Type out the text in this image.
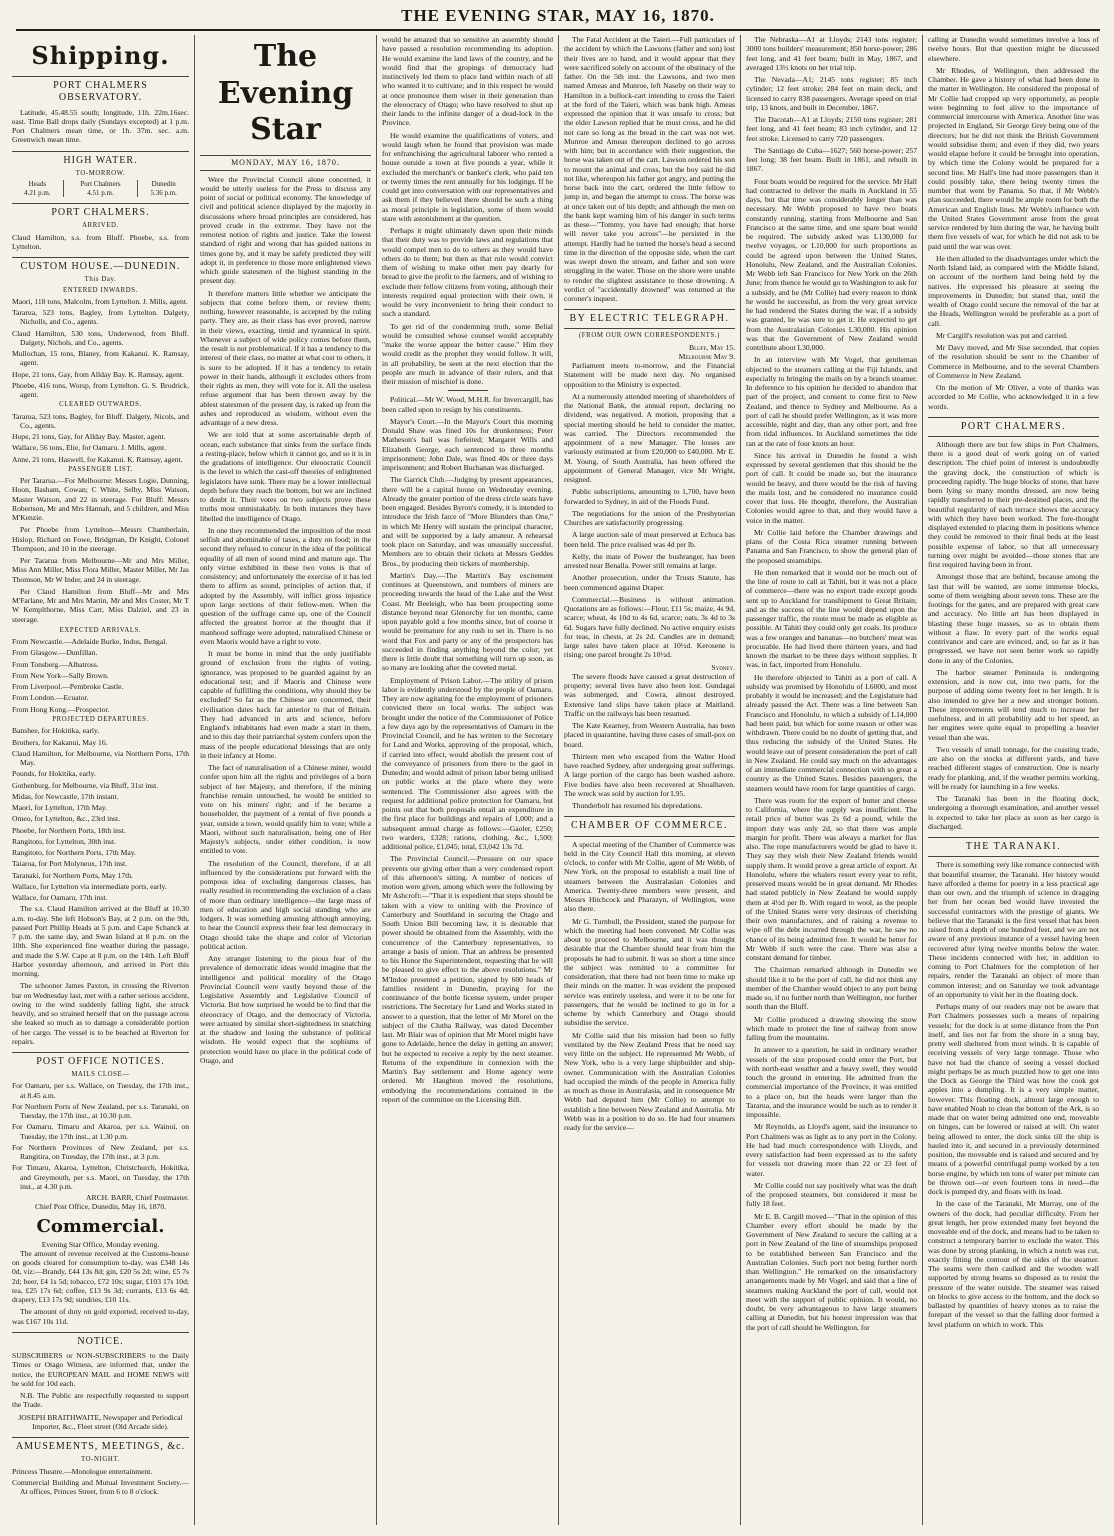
THE EVENING STAR, MAY 16, 1870.
Shipping.
PORT CHALMERS OBSERVATORY.

Latitude, 45.48.55 south; longitude, 11h. 22m.16sec. east. Time Ball drops daily (Sundays excepted) at 1 p.m. Port Chalmers mean time, or 1h. 37m. sec. a.m. Greenwich mean time.

HIGH WATER.
TO-MORROW.
Heads	Port Chalmers	Dunedin
4.21 p.m.	4.51 p.m.	5.36 p.m.
PORT CHALMERS.
ARRIVED.

Claud Hamilton, s.s. from Bluff. Phoebe, s.s. from Lyttelton.

CUSTOM HOUSE.—DUNEDIN.
This Day.
ENTERED INWARDS.
Maori, 118 tons, Malcolm, from Lyttelton. J. Mills, agent.
Tararua, 523 tons, Bagley, from Lyttelton. Dalgety, Nicholls, and Co., agents.
Claud Hamilton, 530 tons, Underwood, from Bluff. Dalgety, Nichols, and Co., agents.
Mullochan, 15 tons, Blaney, from Kakanui. K. Ramsay, agent.
Hope, 21 tons, Gay, from Allday Bay. K. Ramsay, agent.
Phoebe, 416 tons, Worsp, from Lyttelton. G. S. Brodrick, agent.
CLEARED OUTWARDS.
Tararua, 523 tons, Bagley, for Bluff. Dalgety, Nicols, and Co., agents.
Hope, 21 tons, Gay, for Allday Bay. Master, agent.
Wallace, 56 tons, Elie, for Oamaru. J. Mills, agent.
Anne, 21 tons, Haswell, for Kakanui. K. Ramsay, agent.
PASSENGER LIST.

Per Tararua.—For Melbourne: Messrs Logie, Dunning, Hoon, Basham, Cowan; C White, Selby, Miss Watson, Master Watson, and 22 in steerage. For Bluff: Messrs Robertson, Mr and Mrs Hannah, and 5 children, and Miss M'Kenzie.

Per Phoebe from Lyttelton—Messrs Chamberlain, Hislop, Richard on Fowe, Bridgman, Dr Knight, Colonel Thompson, and 10 in the steerage.

Per Tararua from Melbourne—Mr and Mrs Miller, Miss Ann Miller, Miss Flora Miller, Master Miller, Mr Jas Thomson, Mr W Inder, and 24 in steerage.

Per Claud Hamilton from Bluff—Mr and Mrs M'Farlane, Mr and Mrs Martin, Mr and Mrs Coster, Mr T W Kemplthorne, Miss Carr, Miss Dalziel, and 23 in steerage.

EXPECTED ARRIVALS.
From Newcastle.—Adelaide Burke, Indus, Bengal.
From Glasgow.—Dunfillan.
From Tonsberg.—Albatross.
From New York—Sally Brown.
From Liverpool.—Pembroke Castle.
From London.—Ecuator.
From Hong Kong.—Prospector.
PROJECTED DEPARTURES.
Banshee, for Hokitika, early.
Brothers, for Kakanui, May 16.
Claud Hamilton, for Melbourne, via Northern Ports, 17th May.
Pounds, for Hokitika, early.
Gothenburg, for Melbourne, via Bluff, 31st inst.
Midas, for Newcastle, 17th instant.
Maori, for Lyttelton, 17th May.
Omeo, for Lyttelton, &c., 23rd inst.
Phoebe, for Northern Ports, 18th inst.
Rangitoto, for Lyttelton, 30th inst.
Rangitoto, for Northern Ports, 17th May.
Taiaroa, for Port Molyneux, 17th inst.
Taranaki, for Northern Ports, May 17th.
Wallace, for Lyttelton via intermediate ports, early.
Wallace, for Oamaru, 17th inst.

The s.s. Claud Hamilton arrived at the Bluff at 10.30 a.m. to-day. She left Hobson's Bay, at 2 p.m. on the 9th, passed Port Phillip Heads at 5 p.m. and Cape Schanck at 7 p.m. the same day, and Swan Island at 8 p.m. on the 10th. She experienced fine weather during the passage, and made the S.W. Cape at 8 p.m. on the 14th. Left Bluff Harbor yesterday afternoon, and arrived in Port this morning.

The schooner James Paxton, in crossing the Riverton bar on Wednesday last, met with a rather serious accident, owing to the wind suddenly falling light, she struck heavily, and so strained herself that on the passage across she leaked so much as to damage a considerable portion of her cargo. The vessel is to be beached at Riverton for repairs.

POST OFFICE NOTICES.
MAILS CLOSE—
For Oamaru, per s.s. Wallace, on Tuesday, the 17th inst., at 8.45 a.m.
For Northern Ports of New Zealand, per s.s. Taranaki, on Tuesday, the 17th inst., at 10.30 p.m.
For Oamaru, Timaru and Akaroa, per s.s. Wainui, on Tuesday, the 17th inst., at 1.30 p.m.
For Northern Provinces of New Zealand, per s.s. Rangitira, on Tuesday, the 17th inst., at 3 p.m.
For Timaru, Akaroa, Lyttelton, Christchurch, Hokitika, and Greymouth, per s.s. Maori, on Tuesday, the 17th inst., at 4.30 p.m.
ARCH. BARR, Chief Postmaster.
Chief Post Office, Dunedin, May 16, 1870.
Commercial.
Evening Star Office, Monday evening.

The amount of revenue received at the Customs-house on goods cleared for consumption to-day, was £348 14s 0d, viz:—Brandy, £44 13s 8d; gin, £20 5s 2d; wine, £5 7s 2d; beer, £4 1s 5d; tobacco, £72 10s; sugar, £103 17s 10d; tea, £25 17s 6d; coffee, £13 9s 3d; currants, £13 6s 4d; drapery, £13 17s 9d; sundries, £10 11s.

The amount of duty on gold exported, received to-day, was £167 10s 11d.

NOTICE.

SUBSCRIBERS or NON-SUBSCRIBERS to the Daily Times or Otago Witness, are informed that, under the notice, the EUROPEAN MAIL and HOME NEWS will be sold for 10d each.

N.B. The Public are respectfully requested to support the Trade.

JOSEPH BRAITHWAITE, Newspaper and Periodical Importer, &c., Fleet street (Old Arcade side).
AMUSEMENTS, MEETINGS, &c.
TO-NIGHT.
Princess Theatre.—Monologue entertainment.
Commercial Building and Mutual Investment Society.—At offices, Princes Street, from 6 to 8 o'clock.
The Evening Star
MONDAY, MAY 16, 1870.

Were the Provincial Council alone concerned, it would be utterly useless for the Press to discuss any point of social or political economy. The knowledge of civil and political science displayed by the majority in discussions where broad principles are considered, has proved crude in the extreme. They have not the remotest notion of rights and justice. Take the lowest standard of right and wrong that has guided nations in times gone by, and it may be safely predicted they will adopt it, in preference to those more enlightened views which guide statesmen of the highest standing in the present day.

It therefore matters little whether we anticipate the subjects that come before them, or review them; nothing, however reasonable, is accepted by the ruling party. They are, as their class has ever proved, narrow in their views, exacting, timid and tyrannical in spirit. Whenever a subject of wide policy comes before them, the result is not problematical. If it has a tendency to the interest of their class, no matter at what cost to others, it is sure to be adopted. If it has a tendency to retain power in their hands, although it excludes others from their rights as men, they will vote for it. All the useless refuse argument that has been thrown away by the ablest statesmen of the present day, is raked up from the ashes and reproduced as wisdom, without even the advantage of a new dress.

We are told that at some ascertainable depth of ocean, each substance that sinks from the surface finds a resting-place, below which it cannot go, and so it is in the gradations of intelligence. Our eleoocratic Council is the level to which the cast-off theories of enlightened legislators have sunk. There may be a lower intellectual depth before they reach the bottom, but we are inclined to doubt it. Their votes on two subjects prove these truths most unmistakably. In both instances they have libelled the intelligence of Otago.

In one they recommended the imposition of the most selfish and abominable of taxes, a duty on food; in the second they refused to concur in the idea of the political equality of all men of sound mind and mature age. The only virtue exhibited in these two votes is that of consistency; and unfortunately the exercise of it has led them to affirm as sound, principles of action that, if adopted by the Assembly, will inflict gross injustice upon large sections of their fellow-men. When the question of the suffrage came up, one of the Council affected the greatest horror at the thought that if manhood suffrage were adopted, naturalised Chinese or even Maoris would have a right to vote.

It must be borne in mind that the only justifiable ground of exclusion from the rights of voting, ignorance, was proposed to be guarded against by an educational test; and if Maoris and Chinese were capable of fulfilling the conditions, why should they be excluded? So far as the Chinese are concerned, their civilisation dates back far anterior to that of Britain. They had advanced in arts and science, before England's inhabitants had even made a start in them, and to this day their patriarchal system confers upon the mass of the people educational blessings that are only in their infancy at Home.

The fact of naturalisation of a Chinese miner, would confer upon him all the rights and privileges of a born subject of her Majesty, and therefore, if the mining franchise remain untouched, he would be entitled to vote on his miners' right; and if he became a householder, the payment of a rental of five pounds a year, outside a town, would qualify him to vote; while a Maori, without such naturalisation, being one of Her Majesty's subjects, under either condition, is now entitled to vote.

The resolution of the Council, therefore, if at all influenced by the considerations put forward with the pompous idea of excluding dangerous classes, has really resulted in recommending the exclusion of a class of more than ordinary intelligence—the large mass of men of education and high social standing who are lodgers. It was something amusing although annoying, to hear the Council express their fear lest democracy in Otago should take the shape and color of Victorian political action.

Any stranger listening to the pious fear of the prevalence of democratic ideas would imagine that the intelligence and political morality of the Otago Provincial Council were vastly beyond those of the Legislative Assembly and Legislative Council of Victoria. But how surprised he would be to find that the eleoocracy of Otago, and the democracy of Victoria, were actuated by similar short-sightedness in snatching at the shadow and losing the substance of political wisdom. He would expect that the sophisms of protection would have no place in the political code of Otago, and

would be amazed that so sensitive an assembly should have passed a resolution recommending its adoption. He would examine the land laws of the country, and he would find that the gropings of democracy had instinctively led them to place land within reach of all who wanted it to cultivate; and in this respect he would at once pronounce them wiser in their generation than the eleoocracy of Otago; who have resolved to shut up their lands to the infinite danger of a dead-lock in the Province.

He would examine the qualifications of voters, and would laugh when he found that provision was made for enfranchising the agricultural laborer who rented a house outside a town at five pounds a year, while it excluded the merchant's or banker's clerk, who paid ten or twenty times the rent annually for his lodgings. If he could get into conversation with our representatives and ask them if they believed there should be such a thing as moral principle in legislation, some of them would stare with astonishment at the question.

Perhaps it might ultimately dawn upon their minds that their duty was to provide laws and regulations that would compel men to do to others as they would have others do to them; but then as that rule would convict them of wishing to make other men pay dearly for bread to give the profit to the farmers, and of wishing to exclude their fellow citizens from voting, although their interests required equal protection with their own, it would be very inconvenient to bring their conduct to such a standard.

To get rid of the condemning truth, some Belial would be consulted whose counsel would acceptably "make the worse appear the better cause." Him they would credit as the prophet they would follow. It will, in all probability, be seen at the next election that the people are much in advance of their rulers, and that their mission of mischief is done.

Political.—Mr W. Wood, M.H.R. for Invercargill, has been called upon to resign by his constituents.

Mayor's Court.—In the Mayor's Court this morning Donald Shaw was fined 10s for drunkenness; Peter Matheson's bail was forfeited; Margaret Wills and Elizabeth George, each sentenced to three months imprisonment; John Dale, was fined 40s or three days imprisonment; and Robert Buchanan was discharged.

The Garrick Club.—Judging by present appearances, there will be a capital house on Wednesday evening. Already the greater portion of the dress circle seats have been engaged. Besides Byron's comedy, it is intended to introduce the Irish farce of "More Blunders than One," in which Mr Henry will sustain the principal character, and will be supported by a lady amateur. A rehearsal took place on Saturday, and was unusually successful. Members are to obtain their tickets at Messrs Geddes Bros., by producing their tickets of membership.

Martin's Day.—The Martin's Bay excitement continues at Queenstown, and numbers of miners are proceeding towards the head of the Lake and the West Coast. Mr Beeleigh, who has been prospecting some distance beyond near Glenorchy for ten months, came upon payable gold a few months since, but of course it would be premature for any rush to set in. There is no word that Fox and party or any of the prospectors has succeeded in finding anything beyond the color; yet there is little doubt that something will turn up soon, as so many are looking after the coveted metal.

Employment of Prison Labor.—The utility of prison labor is evidently understood by the people of Oamaru. They are now agitating for the employment of prisoners convicted there on local works. The subject was brought under the notice of the Commissioner of Police a few days ago by the representatives of Oamaru in the Provincial Council, and he has written to the Secretary for Land and Works, approving of the proposal, which, if carried into effect, would abolish the present cost of the conveyance of prisoners from there to the gaol in Dunedin; and would admit of prison labor being utilised on public works at the place where they were sentenced. The Commissioner also agrees with the request for additional police protection for Oamaru, but points out that both proposals entail an expenditure in the first place for buildings and repairs of 1,000; and a subsequent annual charge as follows:—Gaoler, £250; two warders, £328; rations, clothing, &c., 1,500; additional police, £1,045; total, £3,042 13s 7d.

The Provincial Council.—Pressure on our space prevents our giving other than a very condensed report of this afternoon's sitting. A number of notices of motion were given, among which were the following by Mr Ashcroft:—"That it is expedient that steps should be taken with a view to uniting with the Province of Canterbury and Southland in securing the Otago and South Union Bill becoming law, it is desirable that power should be obtained from the Assembly, with the concurrence of the Canterbury representatives, to arrange a basis of union. That an address be presented to his Honor the Superintendent, requesting that he will be pleased to give effect to the above resolutions." Mr M'Indoe presented a petition, signed by 600 heads of families resident in Dunedin, praying for the continuance of the bottle license system, under proper restrictions. The Secretary for Land and Works stated in answer to a question, that the letter of Mr Morel on the subject of the Clutha Railway, was dated December last. Mr Blair was of opinion that Mr Morel might have gone to Adelaide, hence the delay in getting an answer; but he expected to receive a reply by the next steamer. Returns of the expenditure in connexion with the Martin's Bay settlement and Home agency were ordered. Mr Haughton moved the resolutions, embodying the recommendations contained in the report of the committee on the Licensing Bill.

The Fatal Accident at the Taieri.—Full particulars of the accident by which the Lawsons (father and son) lost their lives are to hand, and it would appear that they were sacrificed solely on account of the obstinacy of the father. On the 5th inst. the Lawsons, and two men named Ameas and Munroe, left Naseby on their way to Hamilton in a bullock-cart intending to cross the Taieri at the ford of the Taieri, which was bank high. Ameas expressed the opinion that it was unsafe to cross; but the elder Lawson replied that he must cross, and he did not care so long as the bread in the cart was not wet. Munroe and Ameas thereupon declined to go across with him; but in accordance with their suggestion, the horse was taken out of the cart. Lawson ordered his son to mount the animal and cross, but the boy said he did not like, whereupon his father got angry, and putting the horse back into the cart, ordered the little fellow to jump in, and began the attempt to cross. The horse was at once taken out of his depth; and although the men on the bank kept warning him of his danger in such terms as these—"Tommy, you have had enough; that horse will never take you across"—he persisted in the attempt. Hardly had he turned the horse's head a second time in the direction of the opposite side, when the cart was swept down the stream, and father and son were struggling in the water. Those on the shore were unable to render the slightest assistance to those drowning. A verdict of "accidentally drowned" was returned at the coroner's inquest.

BY ELECTRIC TELEGRAPH.
(FROM OUR OWN CORRESPONDENTS.)
Bluff, May 15.
Melbourne May 9.

Parliament meets to-morrow, and the Financial Statement will be made next day. No organised opposition to the Ministry is expected.

At a numerously attended meeting of shareholders of the National Bank, the annual report, declaring no dividend, was negatived. A motion, proposing that a special meeting should be held to consider the matter, was carried. The Directors recommended the appointment of a new Manager. The losses are variously estimated at from £20,000 to £40,000. Mr E. M. Young, of South Australia, has been offered the appointment of General Manager, vice Mr Wright, resigned.

Public subscriptions, amounting to 1,700, have been forwarded to Sydney, in aid of the Floods Fund.

The negotiations for the union of the Presbyterian Churches are satisfactorily progressing.

A large auction sale of meat preserved at Echuca has been held. The price realised was 4d per lb.

Kelly, the mate of Power the bushranger, has been arrested near Benalla. Power still remains at large.

Another prosecution, under the Trusts Statute, has been commenced against Draper.

Commercial.—Business is without animation. Quotations are as follows:—Flour, £11 5s; maize, 4s 9d, scarce; wheat, 4s 10d to 4s 6d, scarce; oats, 3s 4d to 3s 6d. Sugars have fully declined. No active enquiry exists for teas, in chests, at 2s 2d. Candles are in demand; large sales have taken place at 10½d. Kerosene is rising; one parcel brought 2s 10½d.

Sydney.

The severe floods have caused a great destruction of property; several lives have also been lost. Gundagai was submerged, and Cowra, almost destroyed. Extensive land slips have taken place at Maitland. Traffic on the railways has been resumed.

The Kate Kearney, from Western Australia, has been placed in quarantine, having three cases of small-pox on board.

Thirteen men who escaped from the Walter Hood have reached Sydney, after undergoing great sufferings. A large portion of the cargo has been washed ashore. Five bodies have also been recovered at Shoalhaven. The wreck was sold by auction for L95.

Thunderbolt has resumed his depredations.

CHAMBER OF COMMERCE.

A special meeting of the Chamber of Commerce was held in the City Council Hall this morning, at eleven o'clock, to confer with Mr Collie, agent of Mr Webb, of New York, on the proposal to establish a mail line of steamers between the Australasian Colonies and America. Twenty-three members were present, and Messrs Hitchcock and Pharazyn, of Wellington, were also there.

Mr G. Turnbull, the President, stated the purpose for which the meeting had been convened. Mr Collie was about to proceed to Melbourne, and it was thought desirable that the Chamber should hear from him the proposals he had to submit. It was so short a time since the subject was remitted to a committee for consideration, that there had not been time to make up their minds on the matter. It was evident the proposed service was entirely useless, and were it to be one for passengers, that he would be inclined to go in for a scheme by which Canterbury and Otago should subsidise the service.

Mr Collie said that his mission had been so fully ventilated by the New Zealand Press that he need say very little on the subject. He represented Mr Webb, of New York, who is a very large shipbuilder and ship-owner. Communication with the Australian Colonies had occupied the minds of the people in America fully as much as those in Australasia, and in consequence Mr Webb had deputed him (Mr Collie) to attempt to establish a line between New Zealand and Australia. Mr Webb was in a position to do so. He had four steamers ready for the service—

The Nebraska—A1 at Lloyds; 2143 tons register; 3000 tons builders' measurement; 850 horse-power; 286 feet long, and 41 feet beam; built in May, 1867, and averaged 13½ knots on her trial trip.

The Nevada—A1; 2145 tons register; 85 inch cylinder; 12 feet stroke; 284 feet on main deck, and licensed to carry 838 passengers. Average speed on trial trip, 13 knots, and built in December, 1867.

The Dacotah—A1 at Lloyds; 2150 tons register; 281 feet long, and 41 feet beam; 83 inch cylinder, and 12 feet stroke. Licensed to carry 720 passengers.

The Santiago de Cuba—1627; 560 horse-power; 257 feet long; 38 feet beam. Built in 1861, and rebuilt in 1867.

Four boats would be required for the service. Mr Hall had contracted to deliver the mails in Auckland in 55 days, but that time was considerably longer than was necessary. Mr Webb proposed to have two boats constantly running, starting from Melbourne and San Francisco at the same time, and one spare boat would be required. The subsidy asked was L130,000 for twelve voyages, or L10,000 for such proportions as could be agreed upon between the United States, Honolulu, New Zealand, and the Australian Colonies. Mr Webb left San Francisco for New York on the 26th June; from thence he would go to Washington to ask for a subsidy, and he (Mr Collie) had every reason to think he would be successful, as from the very great service he had rendered the States during the war, if a subsidy was granted, he was sure to get it. He expected to get from the Australasian Colonies L30,000. His opinion was that the Government of New Zealand would contribute about L30,000.

In an interview with Mr Vogel, that gentleman objected to the steamers calling at the Fiji Islands, and especially to bringing the mails on by a branch steamer. In deference to his opinion he decided to abandon that part of the project, and consent to come first to New Zealand, and thence to Sydney and Melbourne. As a port of call he should prefer Wellington, as it was more accessible, night and day, than any other port, and free from tidal influences. In Auckland sometimes the tide ran at the rate of four knots an hour.

Since his arrival in Dunedin he found a wish expressed by several gentlemen that this should be the port of call. It could be made so, but the insurance would be heavy, and there would be the risk of having the mails lost, and he considered no insurance could cover that loss. He thought, therefore, the Australian Colonies would agree to that, and they would have a voice in the matter.

Mr Collie laid before the Chamber drawings and plans of the Costa Rica steamer running between Panama and San Francisco, to show the general plan of the proposed steamships.

He then remarked that it would not be much out of the line of route to call at Tahiti, but it was not a place of commerce—there was no export trade except goods sent up to Auckland for transhipment to Great Britain; and as the success of the line would depend upon the passenger traffic, the route must be made as eligible as possible. At Tahiti they could only get coals. Its produce was a few oranges and bananas—no butchers' meat was procurable. He had lived there thirteen years, and had known the market to be three days without supplies. It was, in fact, imported from Honolulu.

He therefore objected to Tahiti as a port of call. A subsidy was promised by Honolulu of L6000, and most probably it would be increased; and the Legislature had already passed the Act. There was a line between San Francisco and Honolulu, to which a subsidy of L14,000 had been paid, but which for some reason or other was withdrawn. There could be no doubt of getting that, and thus reducing the subsidy of the United States. He would leave out of present consideration the port of call in New Zealand. He could say much on the advantages of an immediate commercial connection with so great a country as the United States. Besides passengers, the steamers would have room for large quantities of cargo.

There was room for the export of butter and cheese to California, where the supply was insufficient. The retail price of butter was 2s 6d a pound, while the import duty was only 2d, so that there was ample margin for profit. There was always a market for flax also. The rope manufacturers would be glad to have it. They say they wish their New Zealand friends would supply them. It would prove a great article of export. At Honolulu, where the whalers resort every year to refit, preserved meats would be in great demand. Mr Rhodes had stated publicly in New Zealand he would supply them at 4½d per lb. With regard to wool, as the people of the United States were very desirous of cherishing their own manufactures, and of raising a revenue to wipe off the debt incurred through the war, he saw no chance of its being admitted free. It would be better for Mr Webb if such were the case. There was also a constant demand for timber.

The Chairman remarked although in Dunedin we should like it to be the port of call, he did not think any member of the Chamber would object to any port being made so, if no further north than Wellington, nor further south than the Bluff.

Mr Collie produced a drawing showing the snow which made to protect the line of railway from snow falling from the mountains.

In answer to a question, he said in ordinary weather vessels of the size proposed could enter the Port, but with north-east weather and a heavy swell, they would touch the ground in entering. He admitted from the commercial importance of the Province, it was entitled to a place on, but the heads were larger than the Tararua, and the insurance would be such as to render it impossible.

Mr Reynolds, as Lloyd's agent, said the insurance to Port Chalmers was as light as to any port in the Colony. He had had much correspondence with Lloyds, and every satisfaction had been expressed as to the safety for vessels not drawing more than 22 or 23 feet of water.

Mr Collie could not say positively what was the draft of the proposed steamers, but considered it must be fully 18 feet.

Mr E. B. Cargill moved—"That in the opinion of this Chamber every effort should be made by the Government of New Zealand to secure the calling at a port in New Zealand of the line of steamships proposed to be established between San Francisco and the Australian Colonies. Such port not being further north than Wellington." He remarked on the unsatisfactory arrangements made by Mr Vogel, and said that a line of steamers making Auckland the port of call, would not meet with the support of public opinion. It would, no doubt, be very advantageous to have large steamers calling at Dunedin, but his honest impression was that the port of call should be Wellington, for

calling at Dunedin would sometimes involve a loss of twelve hours. But that question might be discussed elsewhere.

Mr Rhodes, of Wellington, then addressed the Chamber. He gave a history of what had been done in the matter in Wellington. He considered the proposal of Mr Collie had cropped up very opportunely, as people were beginning to feel alive to the importance of commercial intercourse with America. Another line was projected in England, Sir George Grey being one of the directors; but he did not think the British Government would subsidise them; and even if they did, two years would elapse before it could be brought into operation, by which time the Colony would be prepared for a second line. Mr Hall's line had more passengers than it could possibly take, there being twenty times the number that went by Panama. So that, if Mr Webb's plan succeeded, there would be ample room for both the American and English lines. Mr Webb's influence with the United States Government arose from the great service rendered by him during the war, he having built them five vessels of war, for which he did not ask to be paid until the war was over.

He then alluded to the disadvantages under which the North Island laid, as compared with the Middle Island, on account of the northern land being held by the natives. He expressed his pleasure at seeing the improvements in Dunedin; but stated that, until the wealth of Otago could secure the removal of the bar at the Heads, Wellington would be preferable as a port of call.

Mr Cargill's resolution was put and carried.

Mr Davy moved, and Mr Sise seconded, that copies of the resolution should be sent to the Chamber of Commerce in Melbourne, and to the several Chambers of Commerce in New Zealand.

On the motion of Mr Oliver, a vote of thanks was accorded to Mr Collie, who acknowledged it in a few words.

PORT CHALMERS.

Although there are but few ships in Port Chalmers, there is a good deal of work going on of varied description. The chief point of interest is undoubtedly the graving dock, the construction of which is proceeding rapidly. The huge blocks of stone, that have been lying so many months dressed, are now being rapidly transferred to their pre-destined places, and the beautiful regularity of each terrace shows the accuracy with which they have been worked. The fore-thought displayed extended to placing them in positions whence they could be removed to their final beds at the least possible expense of labor, so that all unnecessary turning over might be avoided—those stones that are first required having been in front.

Amongst those that are behind, because among the last that will be wanted, are some immense blocks, some of them weighing about seven tons. These are the footings for the gates, and are prepared with great care and accuracy. No little art has been displayed in blasting these huge masses, so as to obtain them without a flaw. In every part of the works equal contrivance and care are evinced, and, so far as it has progressed, we have not seen better work so rapidly done in any of the Colonies.

The harbor steamer Peninsula is undergoing extension, and is now cut, into two parts, for the purpose of adding some twenty feet to her length. It is also intended to give her a new and stronger bottom. These improvements will tend much to increase her usefulness, and in all probability add to her speed, as her engines were quite equal to propelling a heavier vessel than she was.

Two vessels of small tonnage, for the coasting trade, are also on the stocks at different yards, and have reached different stages of construction. One is nearly ready for planking, and, if the weather permits working, will be ready for launching in a few weeks.

The Taranaki has been in the floating dock, undergoing a thorough examination, and another vessel is expected to take her place as soon as her cargo is discharged.

THE TARANAKI.

There is something very like romance connected with that beautiful steamer, the Taranaki. Her history would have afforded a theme for poetry in a less practical age than our own, and the triumph of science in dragging her from her ocean bed would have invested the successful contractors with the prestige of giants. We believe that the Taranaki is the first vessel that has been raised from a depth of one hundred feet, and we are not aware of any previous instance of a vessel having been recovered after lying twelve months below the water. These incidents connected with her, in addition to coming to Port Chalmers for the completion of her repairs, render the Taranaki an object of more than common interest; and on Saturday we took advantage of an opportunity to visit her in the floating dock.

Perhaps many of our readers may not be aware that Port Chalmers possesses such a means of repairing vessels; for the dock is at some distance from the Port itself, and lies not far from the shore in a snug bay, pretty well sheltered from most winds. It is capable of receiving vessels of very large tonnage. Those who have not had the chance of seeing a vessel docked might perhaps be as much puzzled how to get one into the Dock as George the Third was how the cook got apples into a dumpling. It is a very simple matter, however. This floating dock, almost large enough to have enabled Noah to clean the bottom of the Ark, is so made that on water being admitted one end, moveable on hinges, can be lowered or raised at will. On water being allowed to enter, the dock sinks till the ship is hauled into it, and secured in a previously determined position, the moveable end is raised and secured and by means of a powerful centrifugal pump worked by a ten horse engine, by which ten tons of water per minute can be thrown out—or even fourteen tons in need—the dock is pumped dry, and floats with its load.

In the case of the Taranaki, Mr Murray, one of the owners of the dock, had peculiar difficulty. From her great length, her prow extended many feet beyond the moveable end of the dock, and means had to be taken to construct a temporary barrier to exclude the water. This was done by strong planking, in which a notch was cut, exactly fitting the contour of the sides of the steamer. The seams were then caulked and the wooden wall supported by strong beams so disposed as to resist the pressure of the water outside. The steamer was raised on blocks to give access to the bottom, and the dock so ballasted by quantities of heavy stones as to raise the forepart of the vessel so that the falling door formed a level platform on which to work. This
